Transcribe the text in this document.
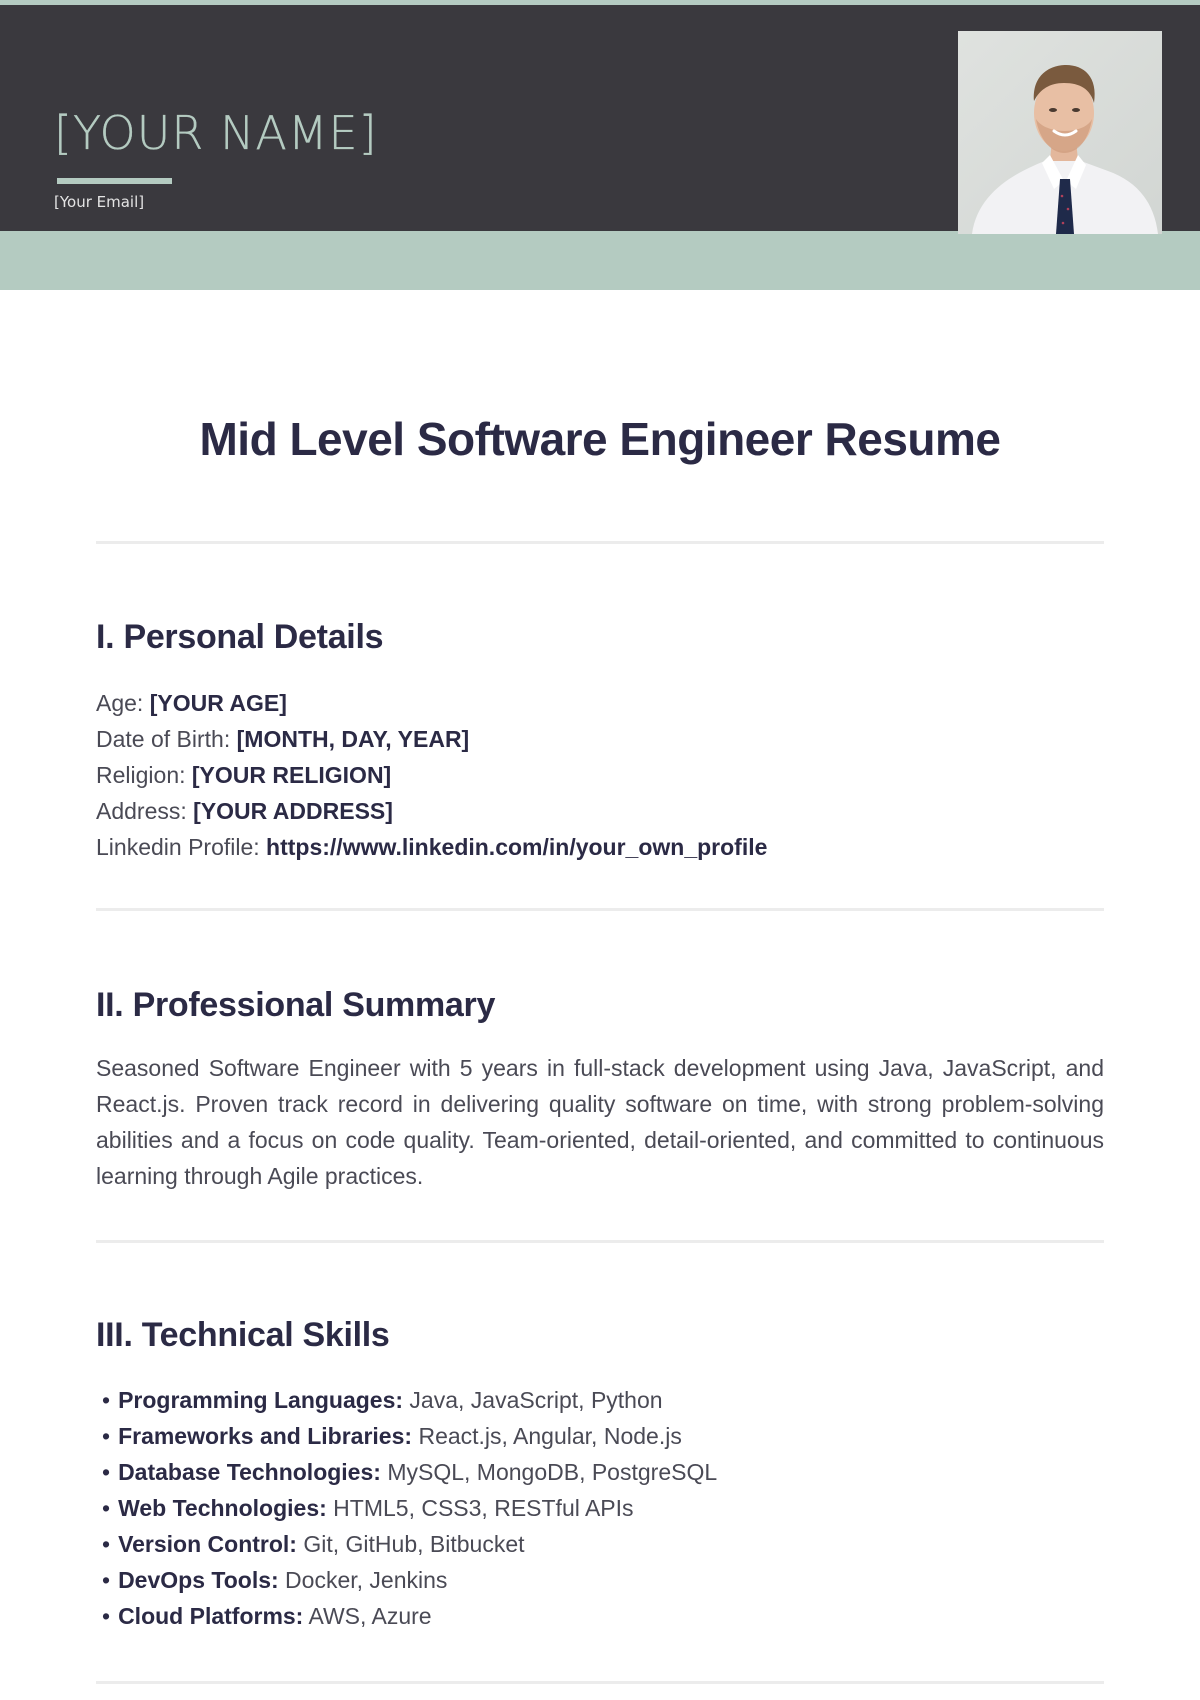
[YOUR NAME]
[Your Email]
Mid Level Software Engineer Resume
I. Personal Details
Age: [YOUR AGE]
Date of Birth: [MONTH, DAY, YEAR]
Religion: [YOUR RELIGION]
Address: [YOUR ADDRESS]
Linkedin Profile: https://www.linkedin.com/in/your_own_profile
II. Professional Summary

Seasoned Software Engineer with 5 years in full-stack development using Java, JavaScript, and React.js. Proven track record in delivering quality software on time, with strong problem-solving abilities and a focus on code quality. Team-oriented, detail-oriented, and committed to continuous learning through Agile practices.

III. Technical Skills
• Programming Languages: Java, JavaScript, Python
• Frameworks and Libraries: React.js, Angular, Node.js
• Database Technologies: MySQL, MongoDB, PostgreSQL
• Web Technologies: HTML5, CSS3, RESTful APIs
• Version Control: Git, GitHub, Bitbucket
• DevOps Tools: Docker, Jenkins
• Cloud Platforms: AWS, Azure
